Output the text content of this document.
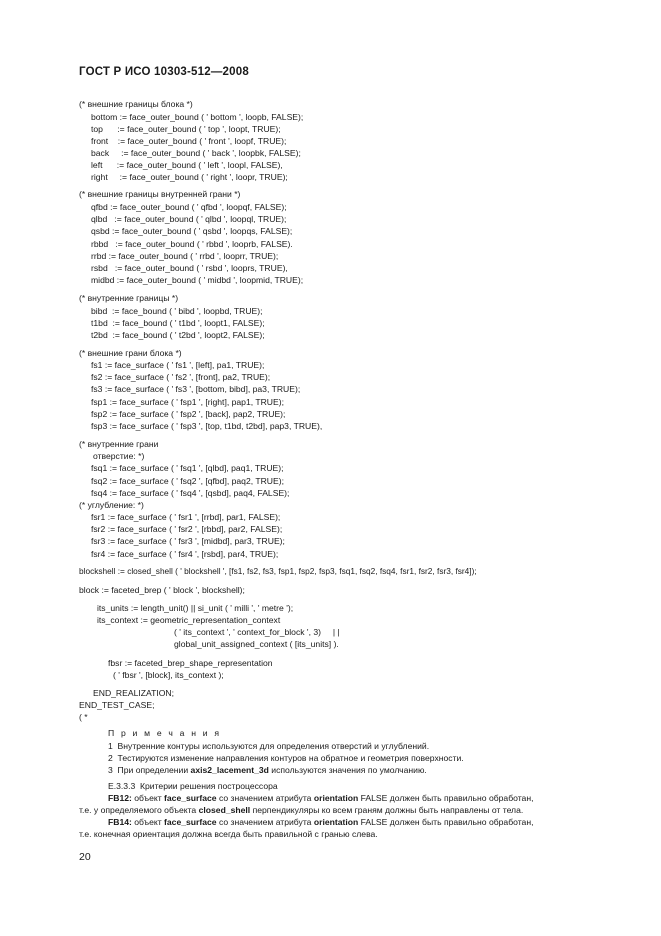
ГОСТ Р ИСО 10303-512—2008
(* внешние границы блока *)
bottom := face_outer_bound ( ' bottom ', loopb, FALSE);
top      := face_outer_bound ( ' top ', loopt, TRUE);
front    := face_outer_bound ( ' front ', loopf, TRUE);
back     := face_outer_bound ( ' back ', loopbk, FALSE);
left      := face_outer_bound ( ' left ', loopl, FALSE),
right     := face_outer_bound ( ' right ', loopr, TRUE);
(* внешние границы внутренней грани *)
qfbd := face_outer_bound ( ' qfbd ', loopqf, FALSE);
qlbd   := face_outer_bound ( ' qlbd ', loopql, TRUE);
qsbd := face_outer_bound ( ' qsbd ', loopqs, FALSE);
rbbd   := face_outer_bound ( ' rbbd ', looprb, FALSE).
rrbd := face_outer_bound ( ' rrbd ', looprr, TRUE);
rsbd   := face_outer_bound ( ' rsbd ', looprs, TRUE),
midbd := face_outer_bound ( ' midbd ', loopmid, TRUE);
(* внутренние границы *)
bibd  := face_bound ( ' bibd ', loopbd, TRUE);
t1bd  := face_bound ( ' t1bd ', loopt1, FALSE);
t2bd  := face_bound ( ' t2bd ', loopt2, FALSE);
(* внешние грани блока *)
fs1 := face_surface ( ' fs1 ', [left], pa1, TRUE);
fs2 := face_surface ( ' fs2 ', [front], pa2, TRUE);
fs3 := face_surface ( ' fs3 ', [bottom, bibd], pa3, TRUE);
fsp1 := face_surface ( ' fsp1 ', [right], pap1, TRUE);
fsp2 := face_surface ( ' fsp2 ', [back], pap2, TRUE);
fsp3 := face_surface ( ' fsp3 ', [top, t1bd, t2bd], pap3, TRUE),
(* внутренние грани
отверстие: *)
fsq1 := face_surface ( ' fsq1 ', [qlbd], paq1, TRUE);
fsq2 := face_surface ( ' fsq2 ', [qfbd], paq2, TRUE);
fsq4 := face_surface ( ' fsq4 ', [qsbd], paq4, FALSE);
(* углубление: *)
fsr1 := face_surface ( ' fsr1 ', [rrbd], par1, FALSE);
fsr2 := face_surface ( ' fsr2 ', [rbbd], par2, FALSE);
fsr3 := face_surface ( ' fsr3 ', [midbd], par3, TRUE);
fsr4 := face_surface ( ' fsr4 ', [rsbd], par4, TRUE);
blockshell := closed_shell ( ' blockshell ', [fs1, fs2, fs3, fsp1, fsp2, fsp3, fsq1, fsq2, fsq4, fsr1, fsr2, fsr3, fsr4]);
block := faceted_brep ( ' block ', blockshell);
its_units := length_unit() || si_unit ( ' milli ', ' metre ');
its_context := geometric_representation_context
( ' its_context ', ' context_for_block ', 3)     | |
global_unit_assigned_context ( [its_units] ).
fbsr := faceted_brep_shape_representation
( ' fbsr ', [block], its_context );
END_REALIZATION;
END_TEST_CASE;
( *
П р и м е ч а н и я
1  Внутренние контуры используются для определения отверстий и углублений.
2  Тестируются изменение направления контуров на обратное и геометрия поверхности.
3  При определении axis2_lacement_3d используются значения по умолчанию.
E.3.3.3  Критерии решения построцессора
FB12: объект face_surface со значением атрибута orientation FALSE должен быть правильно обработан,
т.е. у определяемого объекта closed_shell перпендикуляры ко всем граням должны быть направлены от тела.
FB14: объект face_surface со значением атрибута orientation FALSE должен быть правильно обработан,
т.е. конечная ориентация должна всегда быть правильной с гранью слева.
20
